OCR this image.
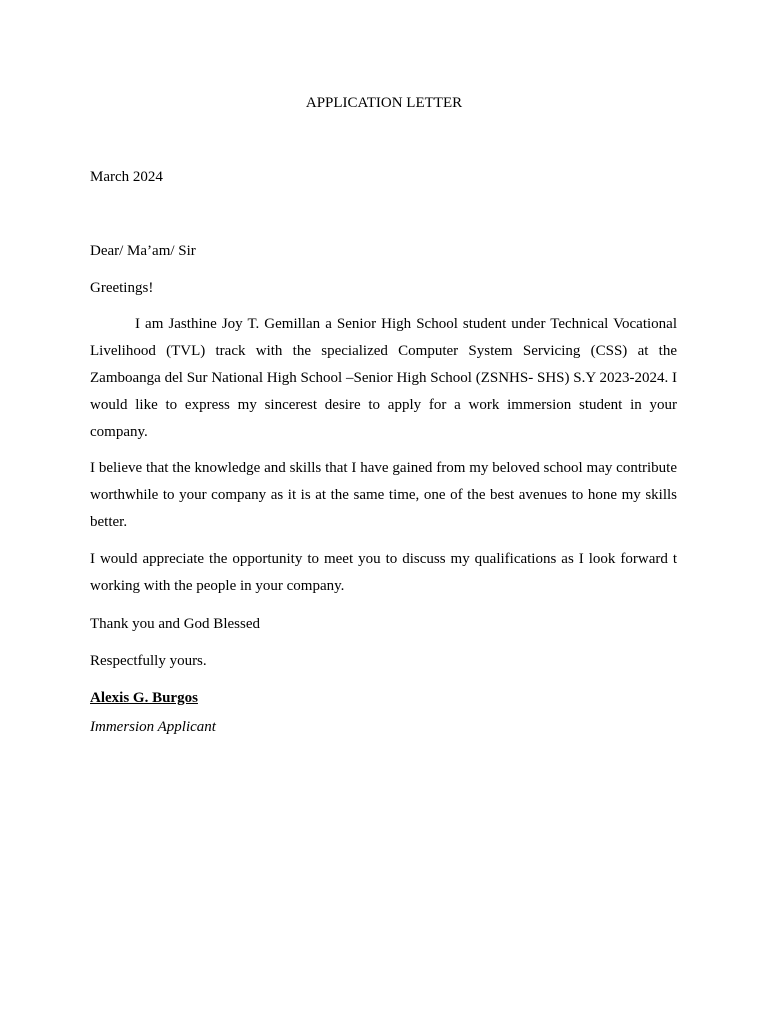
APPLICATION LETTER
March 2024
Dear/ Ma’am/ Sir
Greetings!
I am Jasthine Joy T. Gemillan a Senior High School student under Technical Vocational Livelihood (TVL) track with the specialized Computer System Servicing (CSS) at the Zamboanga del Sur National High School –Senior High School (ZSNHS- SHS) S.Y 2023-2024. I would like to express my sincerest desire to apply for a work immersion student in your company.
I believe that the knowledge and skills that I have gained from my beloved school may contribute worthwhile to your company as it is at the same time, one of the best avenues to hone my skills better.
I would appreciate the opportunity to meet you to discuss my qualifications as I look forward t working with the people in your company.
Thank you and God Blessed
Respectfully yours.
Alexis G. Burgos
Immersion Applicant
